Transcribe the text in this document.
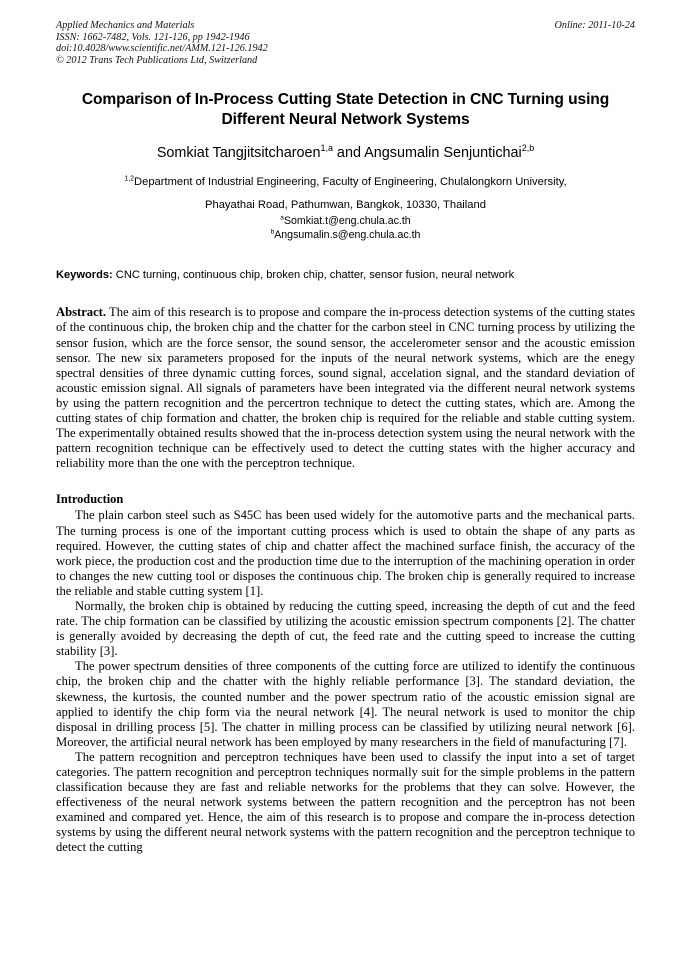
Applied Mechanics and Materials
ISSN: 1662-7482, Vols. 121-126, pp 1942-1946
doi:10.4028/www.scientific.net/AMM.121-126.1942
© 2012 Trans Tech Publications Ltd, Switzerland
Online: 2011-10-24
Comparison of In-Process Cutting State Detection in CNC Turning using
Different Neural Network Systems
Somkiat Tangjitsitcharoen$^{1,a}$ and Angsumalin Senjuntichai$^{2,b}$
$^{1,2}$Department of Industrial Engineering, Faculty of Engineering, Chulalongkorn University,
Phayathai Road, Pathumwan, Bangkok, 10330, Thailand
$^a$Somkiat.t@eng.chula.ac.th
$^b$Angsumalin.s@eng.chula.ac.th
Keywords: CNC turning, continuous chip, broken chip, chatter, sensor fusion, neural network
Abstract. The aim of this research is to propose and compare the in-process detection systems of the cutting states of the continuous chip, the broken chip and the chatter for the carbon steel in CNC turning process by utilizing the sensor fusion, which are the force sensor, the sound sensor, the accelerometer sensor and the acoustic emission sensor. The new six parameters proposed for the inputs of the neural network systems, which are the enegy spectral densities of three dynamic cutting forces, sound signal, accelation signal, and the standard deviation of acoustic emission signal. All signals of parameters have been integrated via the different neural network systems by using the pattern recognition and the percertron technique to detect the cutting states, which are. Among the cutting states of chip formation and chatter, the broken chip is required for the reliable and stable cutting system. The experimentally obtained results showed that the in-process detection system using the neural network with the pattern recognition technique can be effectively used to detect the cutting states with the higher accuracy and reliability more than the one with the perceptron technique.
Introduction

The plain carbon steel such as S45C has been used widely for the automotive parts and the mechanical parts. The turning process is one of the important cutting process which is used to obtain the shape of any parts as required. However, the cutting states of chip and chatter affect the machined surface finish, the accuracy of the work piece, the production cost and the production time due to the interruption of the machining operation in order to changes the new cutting tool or disposes the continuous chip. The broken chip is generally required to increase the reliable and stable cutting system [1].

Normally, the broken chip is obtained by reducing the cutting speed, increasing the depth of cut and the feed rate. The chip formation can be classified by utilizing the acoustic emission spectrum components [2]. The chatter is generally avoided by decreasing the depth of cut, the feed rate and the cutting speed to increase the cutting stability [3].

The power spectrum densities of three components of the cutting force are utilized to identify the continuous chip, the broken chip and the chatter with the highly reliable performance [3]. The standard deviation, the skewness, the kurtosis, the counted number and the power spectrum ratio of the acoustic emission signal are applied to identify the chip form via the neural network [4]. The neural network is used to monitor the chip disposal in drilling process [5]. The chatter in milling process can be classified by utilizing neural network [6]. Moreover, the artificial neural network has been employed by many researchers in the field of manufacturing [7].

The pattern recognition and perceptron techniques have been used to classify the input into a set of target categories. The pattern recognition and perceptron techniques normally suit for the simple problems in the pattern classification because they are fast and reliable networks for the problems that they can solve. However, the effectiveness of the neural network systems between the pattern recognition and the perceptron has not been examined and compared yet. Hence, the aim of this research is to propose and compare the in-process detection systems by using the different neural network systems with the pattern recognition and the perceptron technique to detect the cutting
